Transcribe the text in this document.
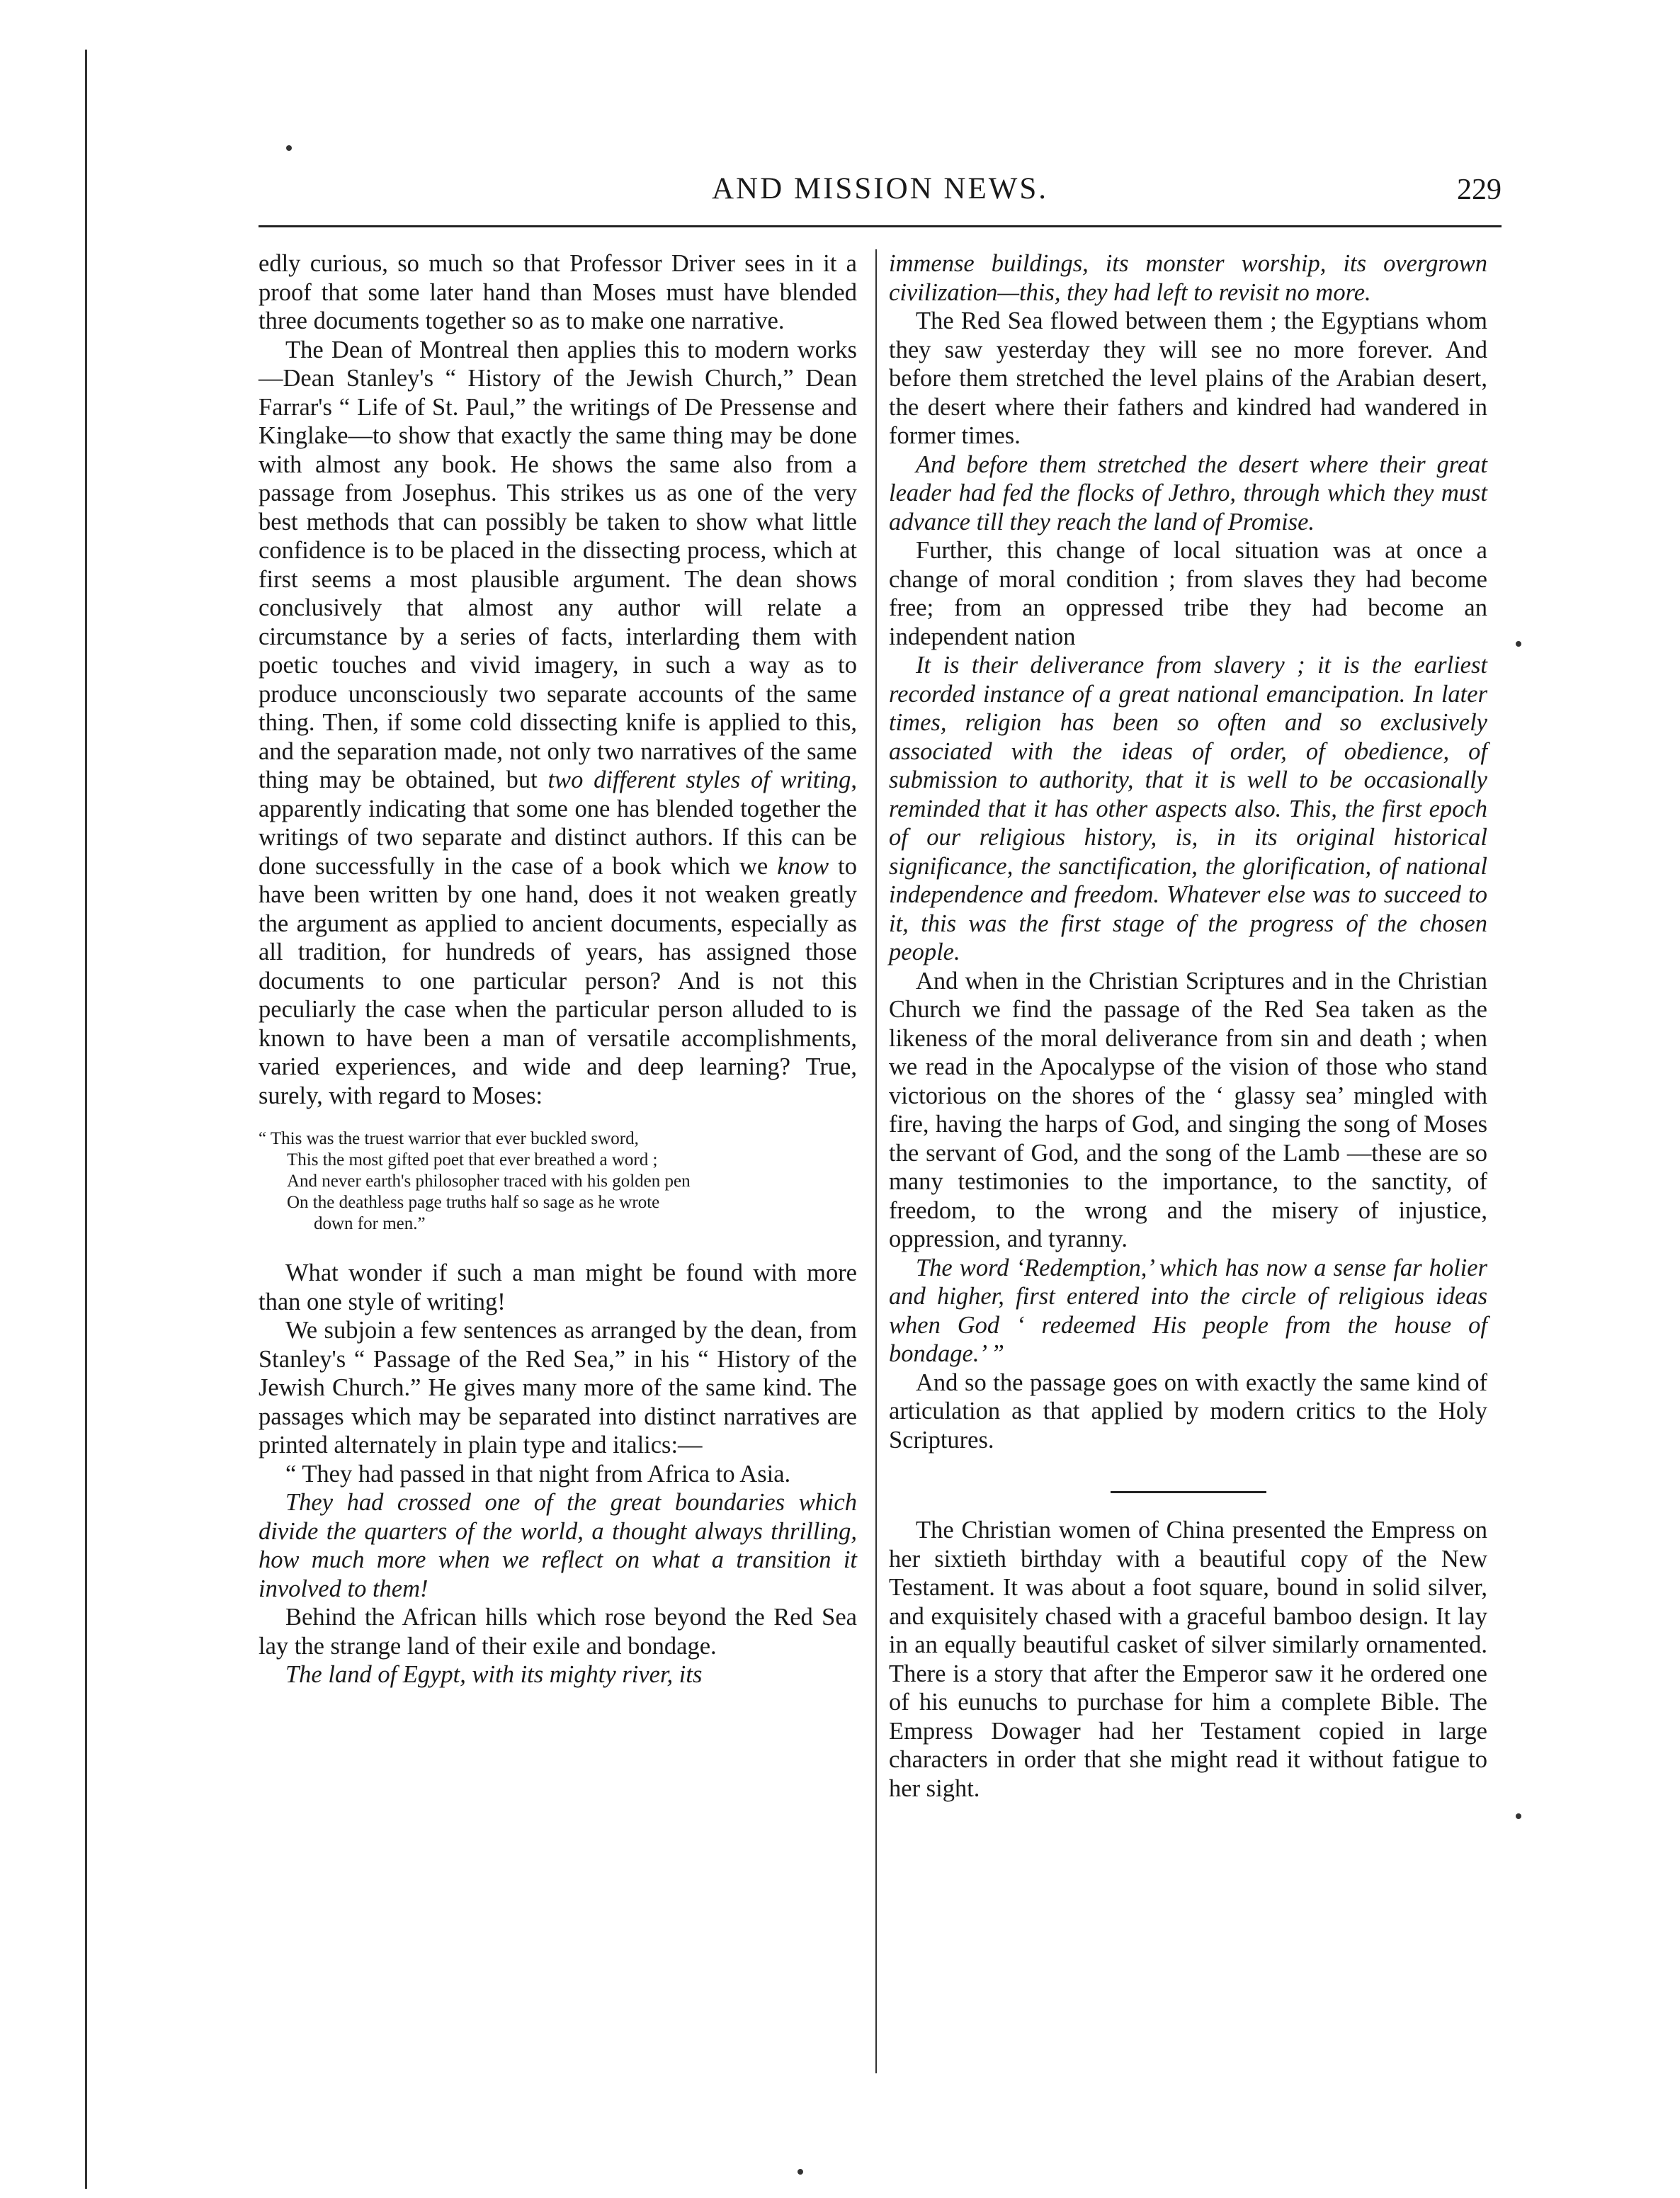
AND MISSION NEWS.	229

edly curious, so much so that Professor Driver sees in it a proof that some later hand than Moses must have blended three documents together so as to make one narrative.

The Dean of Montreal then applies this to modern works—Dean Stanley's “ History of the Jewish Church,” Dean Farrar's “ Life of St. Paul,” the writings of De Pressense and Kinglake—to show that exactly the same thing may be done with almost any book. He shows the same also from a passage from Josephus. This strikes us as one of the very best methods that can possibly be taken to show what little confidence is to be placed in the dissecting process, which at first seems a most plausible argument. The dean shows conclusively that almost any author will relate a circumstance by a series of facts, interlarding them with poetic touches and vivid imagery, in such a way as to produce unconsciously two separate accounts of the same thing. Then, if some cold dissecting knife is applied to this, and the separation made, not only two narratives of the same thing may be obtained, but two different styles of writing, apparently indicating that some one has blended together the writings of two separate and distinct authors. If this can be done successfully in the case of a book which we know to have been written by one hand, does it not weaken greatly the argument as applied to ancient documents, especially as all tradition, for hundreds of years, has assigned those documents to one particular person? And is not this peculiarly the case when the particular person alluded to is known to have been a man of versatile accomplishments, varied experiences, and wide and deep learning? True, surely, with regard to Moses:

“ This was the truest warrior that ever buckled sword,
This the most gifted poet that ever breathed a word ;
And never earth's philosopher traced with his golden pen
On the deathless page truths half so sage as he wrote
down for men.”

What wonder if such a man might be found with more than one style of writing!

We subjoin a few sentences as arranged by the dean, from Stanley's “ Passage of the Red Sea,” in his “ History of the Jewish Church.” He gives many more of the same kind. The passages which may be separated into distinct narratives are printed alternately in plain type and italics:—

“ They had passed in that night from Africa to Asia.

They had crossed one of the great boundaries which divide the quarters of the world, a thought always thrilling, how much more when we reflect on what a transition it involved to them!

Behind the African hills which rose beyond the Red Sea lay the strange land of their exile and bondage.

The land of Egypt, with its mighty river, its

immense buildings, its monster worship, its overgrown civilization—this, they had left to revisit no more.

The Red Sea flowed between them ; the Egyptians whom they saw yesterday they will see no more forever. And before them stretched the level plains of the Arabian desert, the desert where their fathers and kindred had wandered in former times.

And before them stretched the desert where their great leader had fed the flocks of Jethro, through which they must advance till they reach the land of Promise.

Further, this change of local situation was at once a change of moral condition ; from slaves they had become free; from an oppressed tribe they had become an independent nation

It is their deliverance from slavery ; it is the earliest recorded instance of a great national emancipation. In later times, religion has been so often and so exclusively associated with the ideas of order, of obedience, of submission to authority, that it is well to be occasionally reminded that it has other aspects also. This, the first epoch of our religious history, is, in its original historical significance, the sanctification, the glorification, of national independence and freedom. Whatever else was to succeed to it, this was the first stage of the progress of the chosen people.

And when in the Christian Scriptures and in the Christian Church we find the passage of the Red Sea taken as the likeness of the moral deliverance from sin and death ; when we read in the Apocalypse of the vision of those who stand victorious on the shores of the ‘ glassy sea’ mingled with fire, having the harps of God, and singing the song of Moses the servant of God, and the song of the Lamb —these are so many testimonies to the importance, to the sanctity, of freedom, to the wrong and the misery of injustice, oppression, and tyranny.

The word ‘Redemption,’ which has now a sense far holier and higher, first entered into the circle of religious ideas when God ‘ redeemed His people from the house of bondage.’ ”

And so the passage goes on with exactly the same kind of articulation as that applied by modern critics to the Holy Scriptures.

The Christian women of China presented the Empress on her sixtieth birthday with a beautiful copy of the New Testament. It was about a foot square, bound in solid silver, and exquisitely chased with a graceful bamboo design. It lay in an equally beautiful casket of silver similarly ornamented. There is a story that after the Emperor saw it he ordered one of his eunuchs to purchase for him a complete Bible. The Empress Dowager had her Testament copied in large characters in order that she might read it without fatigue to her sight.
